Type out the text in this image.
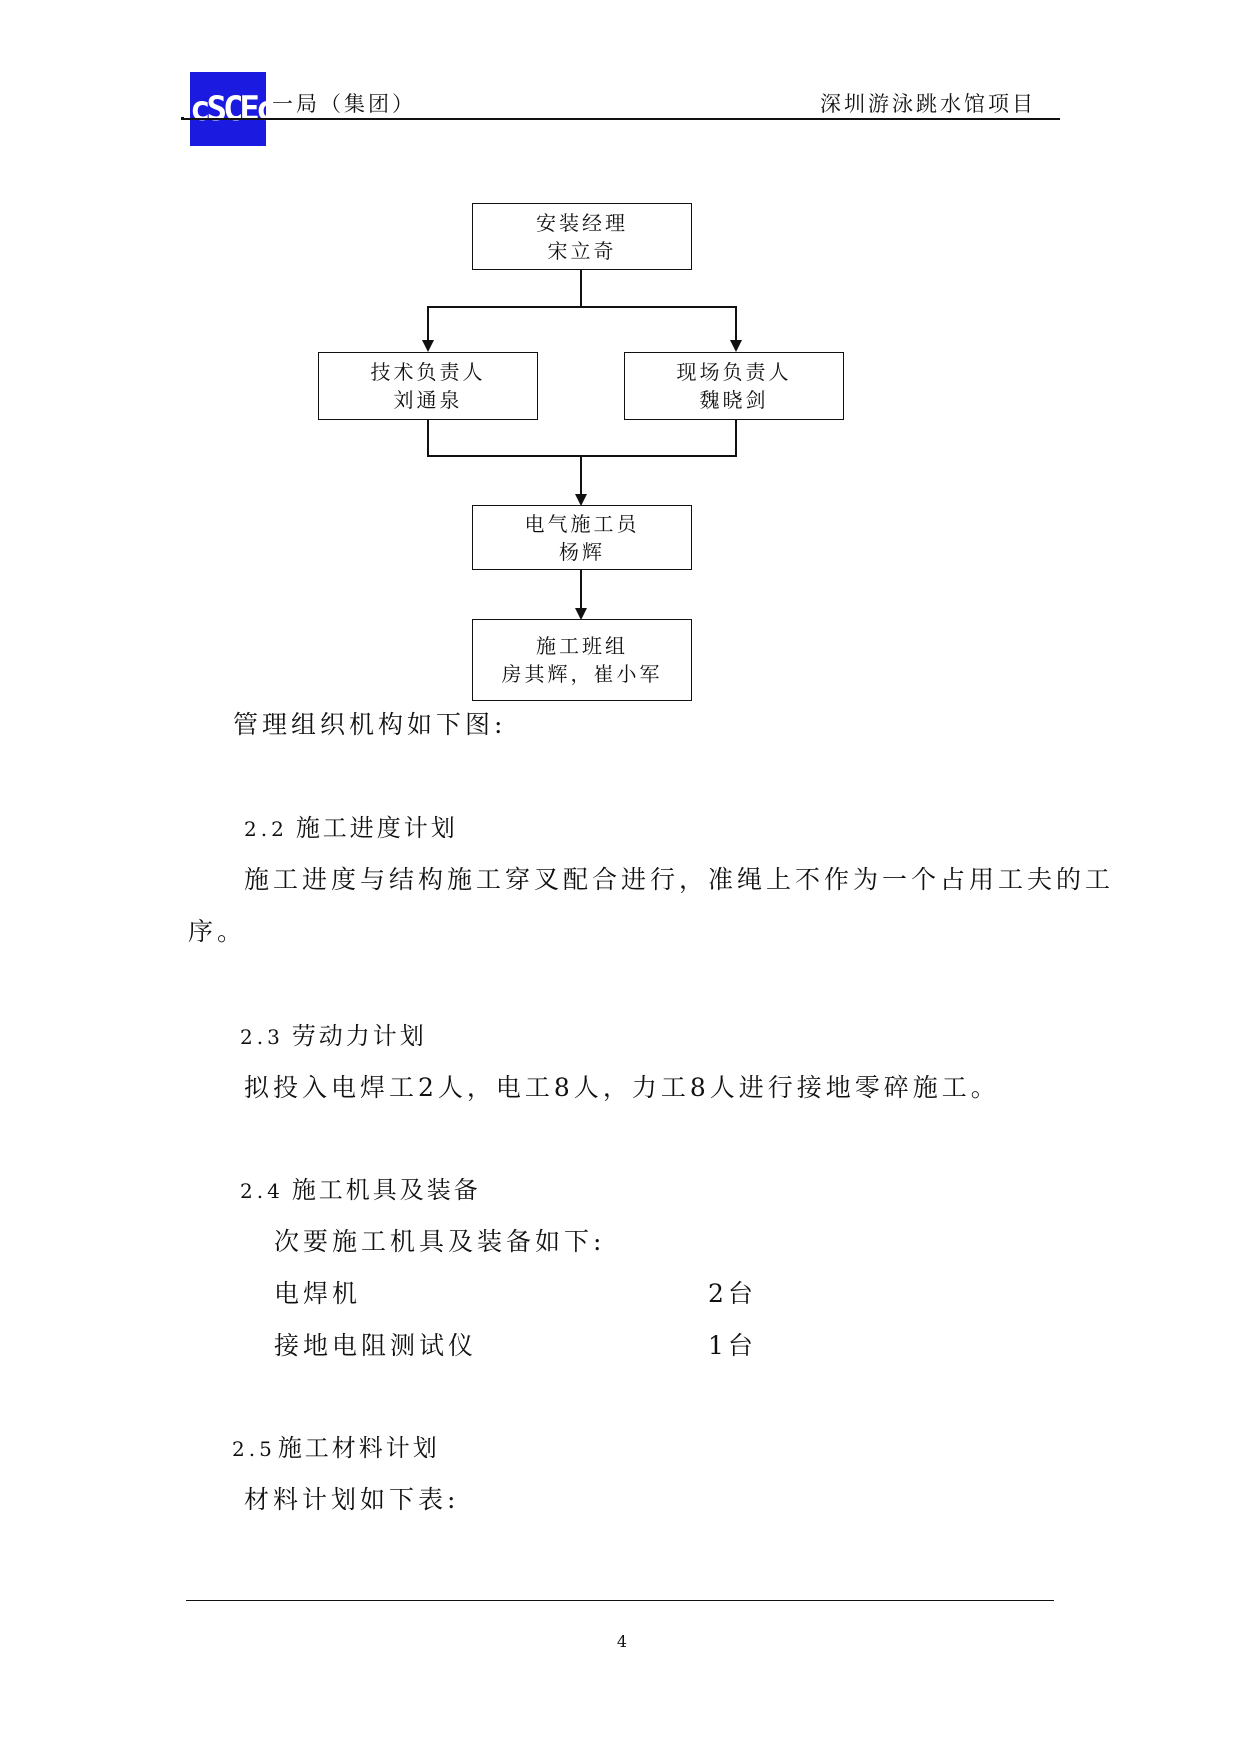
cSCEc 一局（集团）	深圳游泳跳水馆项目
安装经理
宋立奇
技术负责人
刘通泉
现场负责人
魏晓剑
电气施工员
杨辉
施工班组
房其辉，崔小军
管理组织机构如下图:
2.2 施工进度计划
施工进度与结构施工穿叉配合进行，准绳上不作为一个占用工夫的工
序。
2.3 劳动力计划
拟投入电焊工2人，电工8人，力工8人进行接地零碎施工。
2.4 施工机具及装备
次要施工机具及装备如下:
电焊机	2台
接地电阻测试仪	1台
2.5施工材料计划
材料计划如下表:
4
